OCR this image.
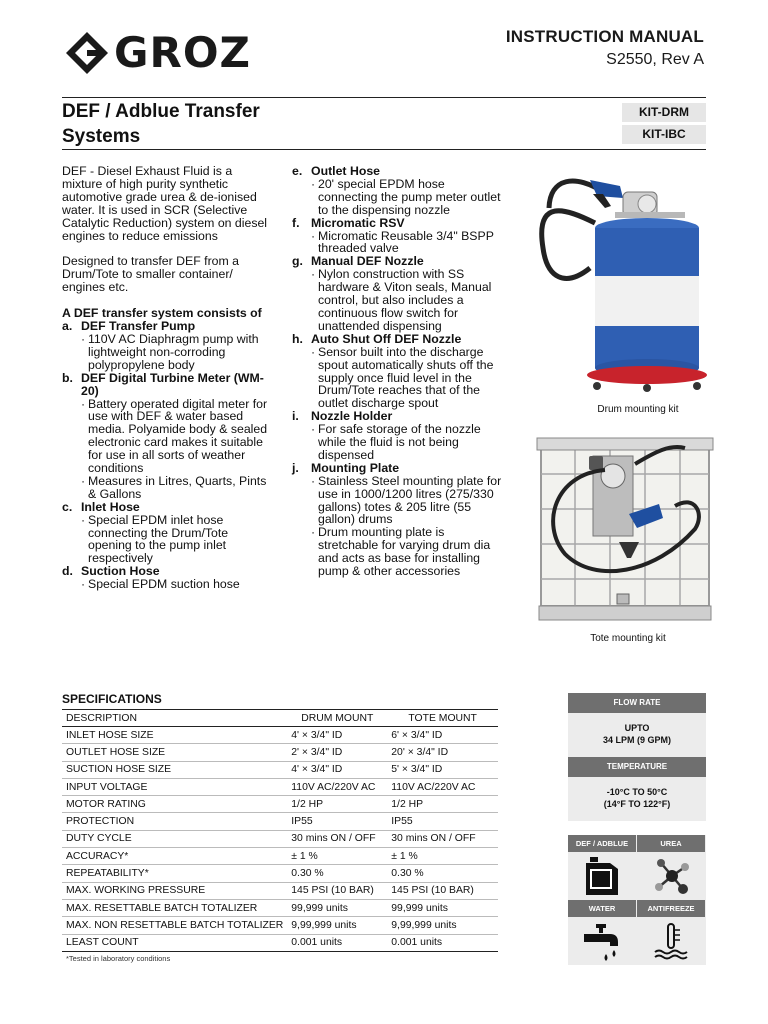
GROZ	INSTRUCTION MANUAL
S2550, Rev A
DEF / Adblue Transfer
Systems
KIT-DRM
KIT-IBC
DEF - Diesel Exhaust Fluid is a mixture of high purity synthetic automotive grade urea & de-ionised water. It is used in SCR (Selective Catalytic Reduction) system on diesel engines to reduce emissions
Designed to transfer DEF from a Drum/Tote to smaller container/ engines etc.
A DEF transfer system consists of
a. DEF Transfer Pump
· 110V AC Diaphragm pump with lightweight non-corroding polypropylene body
b. DEF Digital Turbine Meter (WM-20)
· Battery operated digital meter for use with DEF & water based media. Polyamide body & sealed electronic card makes it suitable for use in all sorts of weather conditions
· Measures in Litres, Quarts, Pints & Gallons
c. Inlet Hose
· Special EPDM inlet hose connecting the Drum/Tote opening to the pump inlet respectively
d. Suction Hose
· Special EPDM suction hose
e. Outlet Hose
· 20' special EPDM hose connecting the pump meter outlet to the dispensing nozzle
f. Micromatic RSV
· Micromatic Reusable 3/4" BSPP threaded valve
g. Manual DEF Nozzle
· Nylon construction with SS hardware & Viton seals, Manual control, but also includes a continuous flow switch for unattended dispensing
h. Auto Shut Off DEF Nozzle
· Sensor built into the discharge spout automatically shuts off the supply once fluid level in the Drum/Tote reaches that of the outlet discharge spout
i. Nozzle Holder
· For safe storage of the nozzle while the fluid is not being dispensed
j. Mounting Plate
· Stainless Steel mounting plate for use in 1000/1200 litres (275/330 gallons) totes & 205 litre (55 gallon) drums
· Drum mounting plate is stretchable for varying drum dia and acts as base for installing pump & other accessories
Drum mounting kit
Tote mounting kit
SPECIFICATIONS
DESCRIPTION	DRUM MOUNT	TOTE MOUNT
INLET HOSE SIZE	4' × 3/4" ID	6' × 3/4" ID
OUTLET HOSE SIZE	2' × 3/4" ID	20' × 3/4" ID
SUCTION HOSE SIZE	4' × 3/4" ID	5' × 3/4" ID
INPUT VOLTAGE	110V AC/220V AC	110V AC/220V AC
MOTOR RATING	1/2 HP	1/2 HP
PROTECTION	IP55	IP55
DUTY CYCLE	30 mins ON / OFF	30 mins ON / OFF
ACCURACY*	± 1 %	± 1 %
REPEATABILITY*	0.30 %	0.30 %
MAX. WORKING PRESSURE	145 PSI (10 BAR)	145 PSI (10 BAR)
MAX. RESETTABLE BATCH TOTALIZER	99,999 units	99,999 units
MAX. NON RESETTABLE BATCH TOTALIZER	9,99,999 units	9,99,999 units
LEAST COUNT	0.001 units	0.001 units
*Tested in laboratory conditions
FLOW RATE
UPTO
34 LPM (9 GPM)
TEMPERATURE
-10°C TO 50°C
(14°F TO 122°F)
DEF / ADBLUE	UREA
WATER	ANTIFREEZE
